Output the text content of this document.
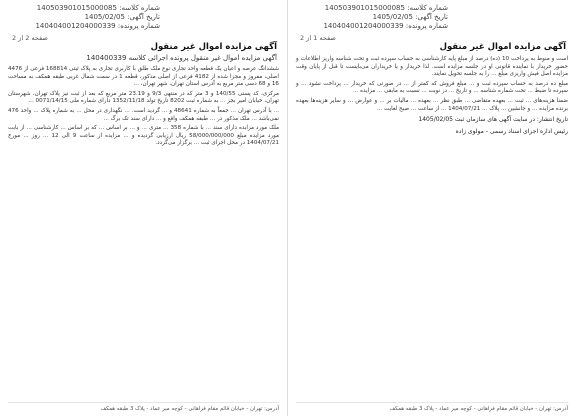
شماره کلاسه: 140503901015000085
تاریخ آگهی: 1405/02/05
شماره پرونده: 140404001204000339
صفحه 2 از 2
آگهی مزایده اموال غیر منقول
آگهی مزایده اموال غیر منقول پرونده اجرائی کلاسه 140400339

ششدانگ عرصه و اعیان یک قطعه واحد تجاری نوع ملک طلق با کاربری تجاری به پلاک ثبتی 168814 فرعی از 4476 اصلی، مفروز و مجزا شده از 4182 فرعی از اصلی مذکور، قطعه 1 در سمت شمال غربی طبقه همکف به مساحت 16 و 68 دسی متر مربع به آدرس استان تهران، شهر تهران، ...

مرکزی، کد پستی 140/55 و 3 متر که در منتهی 9/3 و 23.19 متر مربع که بعد از ثبت نیز پلاک تهران، شهرستان تهران، خیابان امیر بجز ... به شماره ثبت 8202 تاریخ تولد 1352/11/18 دارای شماره ملی 0071/14/15 ...

... با آدرس تهران ... جمعاً به شماره 48641 و ... گردید است. ... نگهداری در محل ... به شماره پلاک ... واحد 476 نمی‌باشد ... ملک مذکور در ... طبقه همکف واقع و ... دارای سند تک برگ ...

ملک مورد مزایده دارای سند ... با شماره 358 ... متری ... و ... بر اساس ... که بر اساس ... کارشناسی ... از بابت مورد مزایده مبلغ 58/000/000/000 ریال ارزیابی گردیده و ... مزایده از ساعت 9 الی 12 ... روز ... مورخ 1404/07/21 در محل اجرای ثبت ... برگزار می‌گردد.

آدرس: تهران - خیابان قائم مقام فراهانی - کوچه میر عماد - پلاک 3 طبقه همکف
شماره کلاسه: 140503901015000085
تاریخ آگهی: 1405/02/05
شماره پرونده: 140404001204000339
صفحه 1 از 2
آگهی مزایده اموال غیر منقول

است و منوط به پرداخت 10 (ده) درصد از مبلغ پایه کارشناسی به حساب سپرده ثبت و تحت شناسه واریز اطلاعات و حضور خریدار با نماینده قانونی او در جلسه مزایده است. لذا خریدار و یا خریداران می‌بایست تا قبل از پایان وقت مزایده اصل فیش واریزی مبلغ ... را به جلسه تحویل نمایند.

مبلغ ده درصد به حساب سپرده ثبت و ... مبلغ فروش که کمتر از ... در صورتی که خریدار ... پرداخت نشود ... و سپرده تا ضبط ... تحت شماره شناسه ... و تاریخ ... در نوبت ... نسبت به مابقی ... مزایده ...

ضمنا هزینه‌های ... ثبت ... بعهده متقاضی ... طبق نظر ... بعهده ... مالیات بر ... و عوارض ... و سایر هزینه‌ها بعهده برنده مزایده ... و جانشین ... پلاک ... 1404/07/21 ... از ساعت ... صبح لغایت ...

تاریخ انتشار: در سایت آگهی های سازمان ثبت 1405/02/05
رئیس اداره اجرای اسناد رسمی - مولوی زاده
آدرس: تهران - خیابان قائم مقام فراهانی - کوچه میر عماد - پلاک 3 طبقه همکف
